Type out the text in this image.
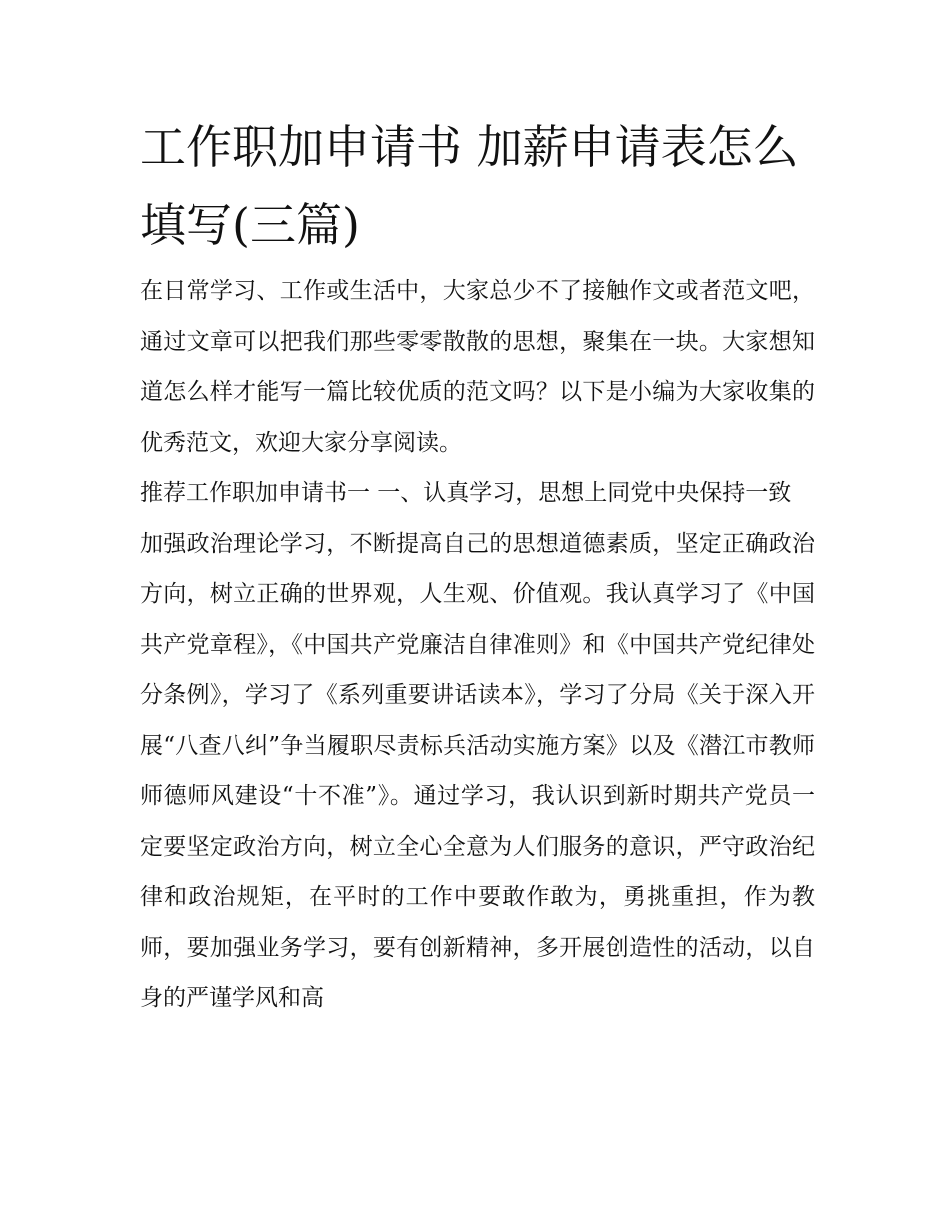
工作职加申请书 加薪申请表怎么填写(三篇)

在日常学习、工作或生活中，大家总少不了接触作文或者范文吧，通过文章可以把我们那些零零散散的思想，聚集在一块。大家想知道怎么样才能写一篇比较优质的范文吗？以下是小编为大家收集的优秀范文，欢迎大家分享阅读。

推荐工作职加申请书一 一、认真学习，思想上同党中央保持一致

加强政治理论学习，不断提高自己的思想道德素质，坚定正确政治方向，树立正确的世界观，人生观、价值观。我认真学习了《中国共产党章程》，《中国共产党廉洁自律准则》和《中国共产党纪律处分条例》，学习了《系列重要讲话读本》，学习了分局《关于深入开展“八查八纠”争当履职尽责标兵活动实施方案》以及《潜江市教师师德师风建设“十不准”》。通过学习，我认识到新时期共产党员一定要坚定政治方向，树立全心全意为人们服务的意识，严守政治纪律和政治规矩，在平时的工作中要敢作敢为，勇挑重担，作为教师，要加强业务学习，要有创新精神，多开展创造性的活动，以自身的严谨学风和高
